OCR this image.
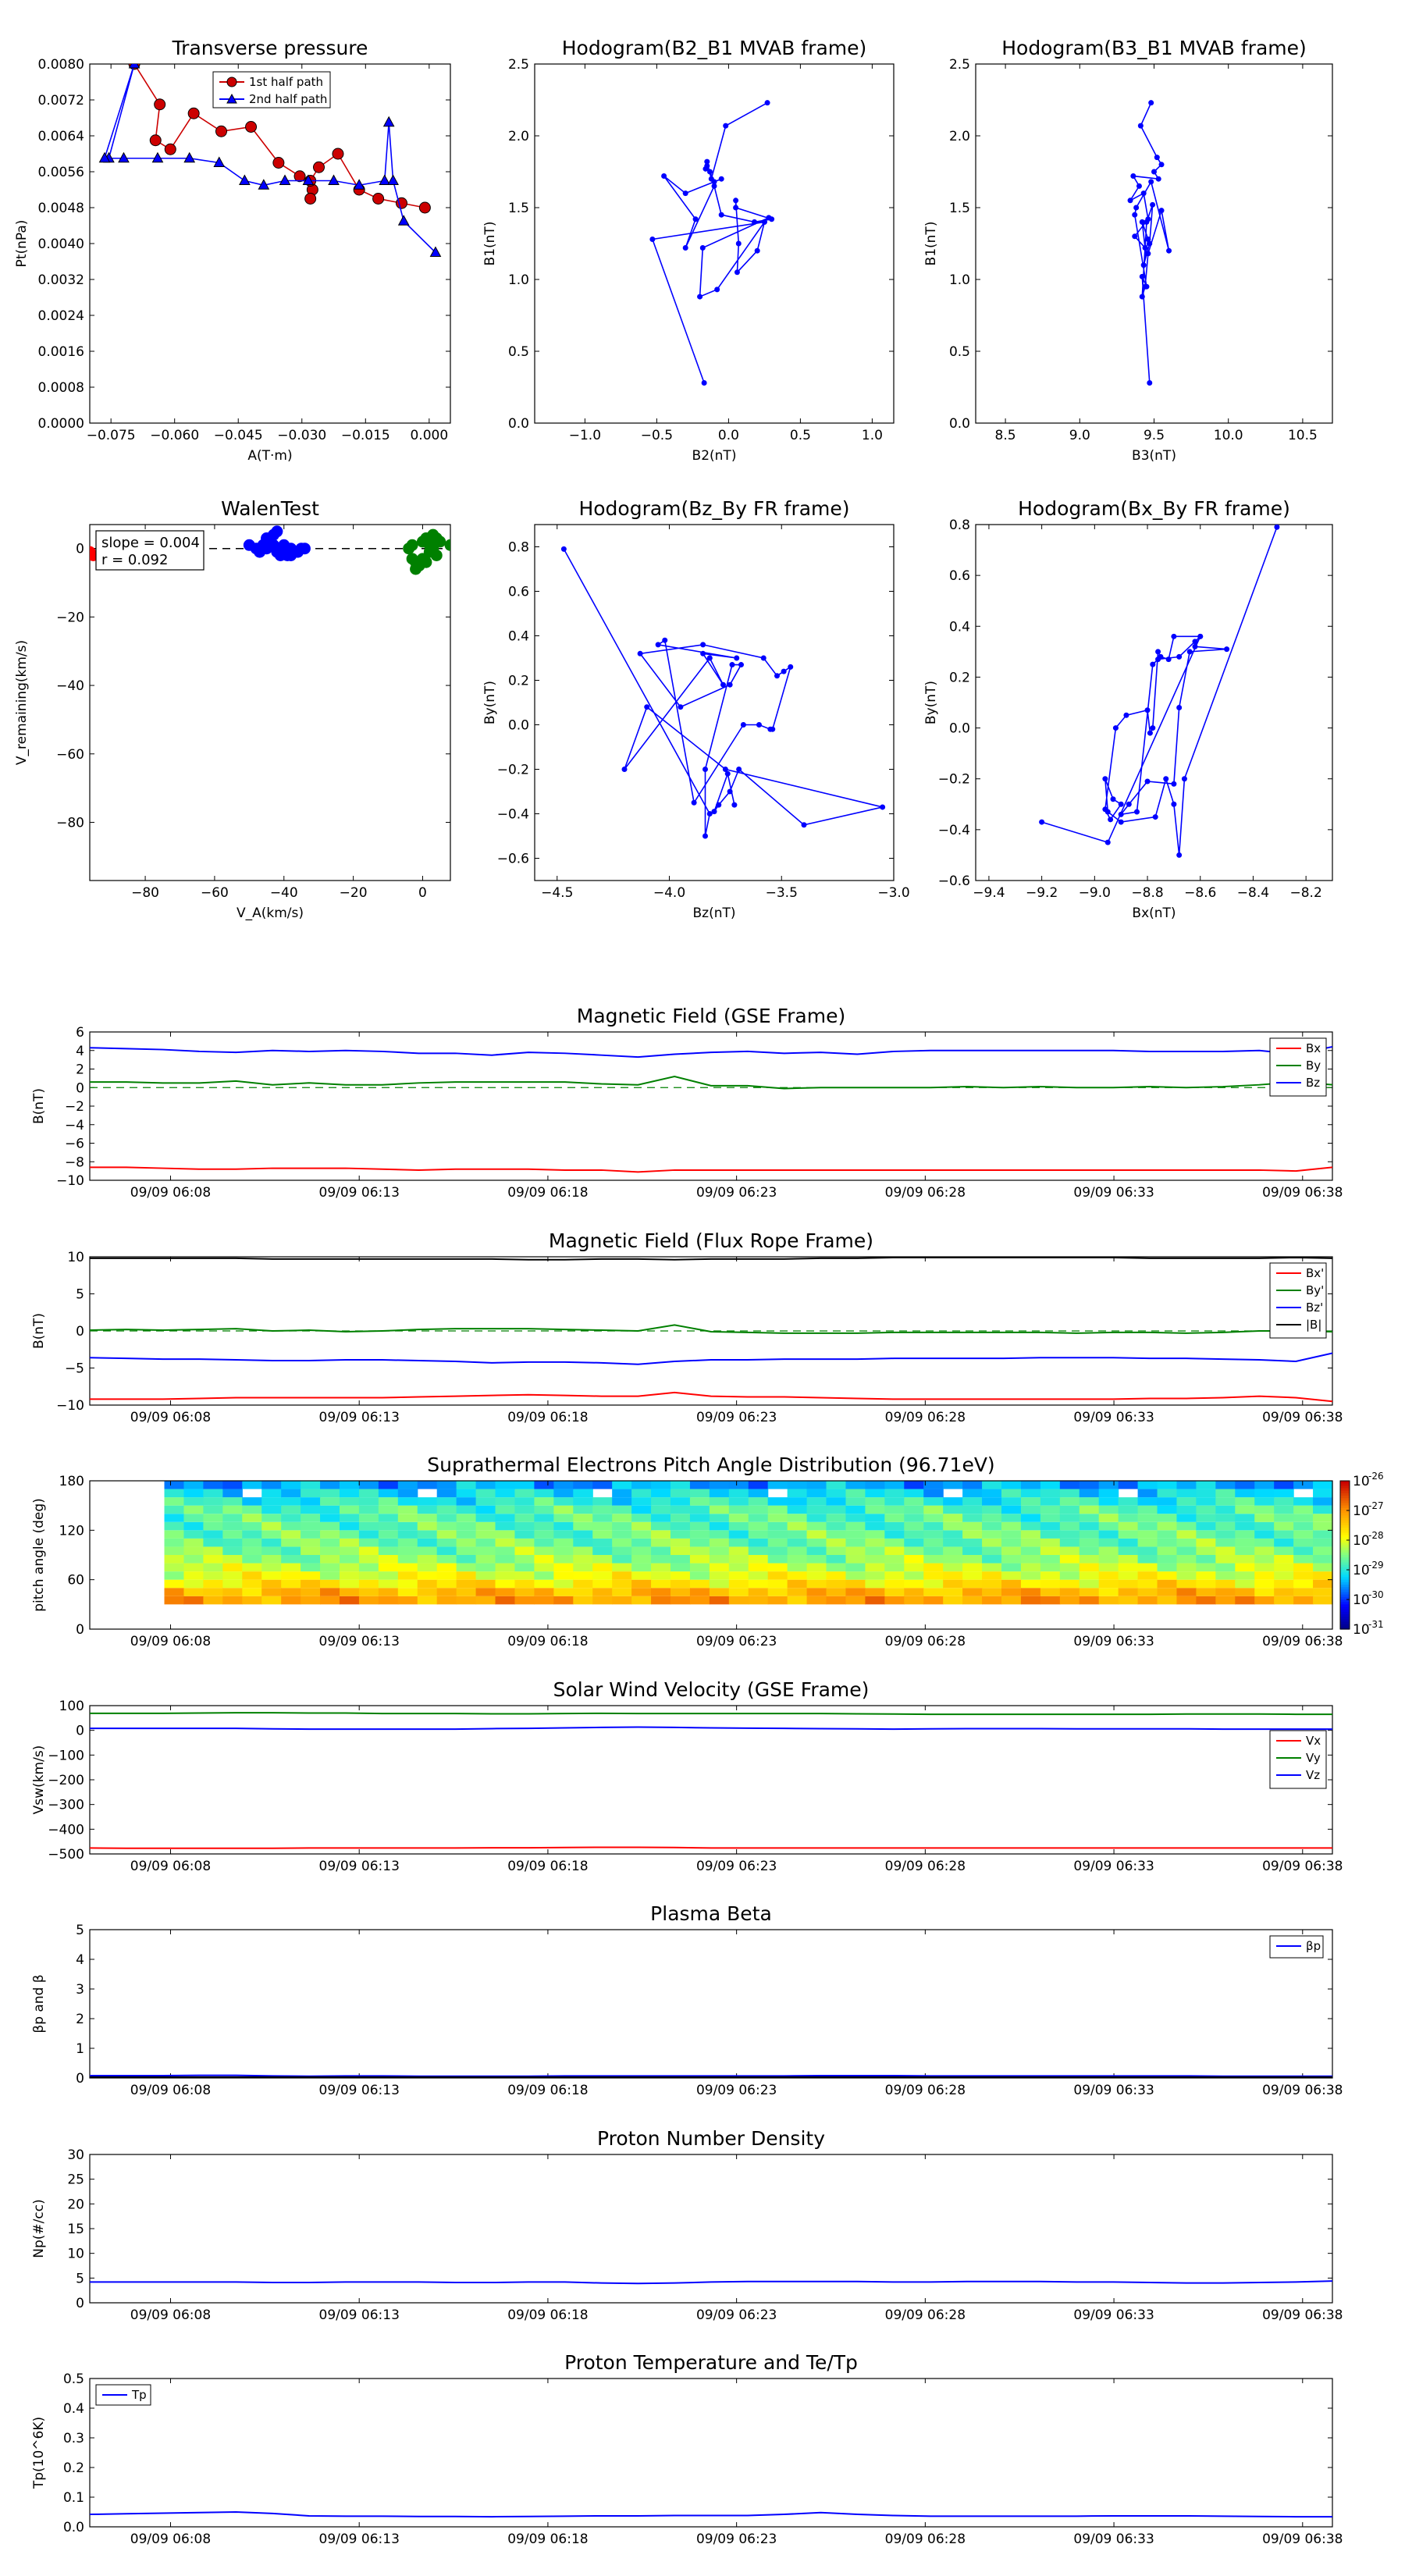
Transverse pressure
0.0000
0.0008
0.0016
0.0024
0.0032
0.0040
0.0048
0.0056
0.0064
0.0072
0.0080
−0.075 −0.060 −0.045 −0.030 −0.015 0.000
A(T·m)
Pt(nPa)
1st half path
2nd half path
Hodogram(B2_B1 MVAB frame)
0.0
0.5
1.0
1.5
2.0
2.5
−1.0	−0.5	0.0	0.5	1.0
B2(nT)
B1(nT)
Hodogram(B3_B1 MVAB frame)
0.0
0.5
1.0
1.5
2.0
2.5
8.5	9.0	9.5	10.0	10.5
B3(nT)
B1(nT)
WalenTest
−80
−60
−40
−20
0
−80	−60	−40	−20	0
V_A(km/s)
V_remaining(km/s)
slope = 0.004
r = 0.092
Hodogram(Bz_By FR frame)
−0.6
−0.4
−0.2
0.0
0.2
0.4
0.6
0.8
−4.5	−4.0	−3.5	−3.0
Bz(nT)
By(nT)
Hodogram(Bx_By FR frame)
−0.6
−0.4
−0.2
0.0
0.2
0.4
0.6
0.8
−9.4 −9.2 −9.0 −8.8 −8.6 −8.4 −8.2
Bx(nT)
By(nT)
Magnetic Field (GSE Frame)
−10
−8
−6
−4
−2
0
2
4
6
09/09 06:08	09/09 06:13	09/09 06:18	09/09 06:23	09/09 06:28	09/09 06:33	09/09 06:38
B(nT)
Bx
By
Bz
Magnetic Field (Flux Rope Frame)
−10
−5
0
5
10
09/09 06:08	09/09 06:13	09/09 06:18	09/09 06:23	09/09 06:28	09/09 06:33	09/09 06:38
B(nT)
Bx'
By'
Bz'
|B|
Suprathermal Electrons Pitch Angle Distribution (96.71eV)
10
-26
10
-27
10
-28
10
-29
10
-30
10
-31
0
60
120
180
09/09 06:08	09/09 06:13	09/09 06:18	09/09 06:23	09/09 06:28	09/09 06:33	09/09 06:38
pitch angle (deg)
Solar Wind Velocity (GSE Frame)
−500
−400
−300
−200
−100
0
100
09/09 06:08	09/09 06:13	09/09 06:18	09/09 06:23	09/09 06:28	09/09 06:33	09/09 06:38
Vsw(km/s)
Vx
Vy
Vz
Plasma Beta
0
1
2
3
4
5
09/09 06:08	09/09 06:13	09/09 06:18	09/09 06:23	09/09 06:28	09/09 06:33	09/09 06:38
βp and β
βp
Proton Number Density
0
5
10
15
20
25
30
09/09 06:08	09/09 06:13	09/09 06:18	09/09 06:23	09/09 06:28	09/09 06:33	09/09 06:38
Np(#/cc)
Proton Temperature and Te/Tp
0.0
0.1
0.2
0.3
0.4
0.5
09/09 06:08	09/09 06:13	09/09 06:18	09/09 06:23	09/09 06:28	09/09 06:33	09/09 06:38
Tp(10^6K)
Tp
